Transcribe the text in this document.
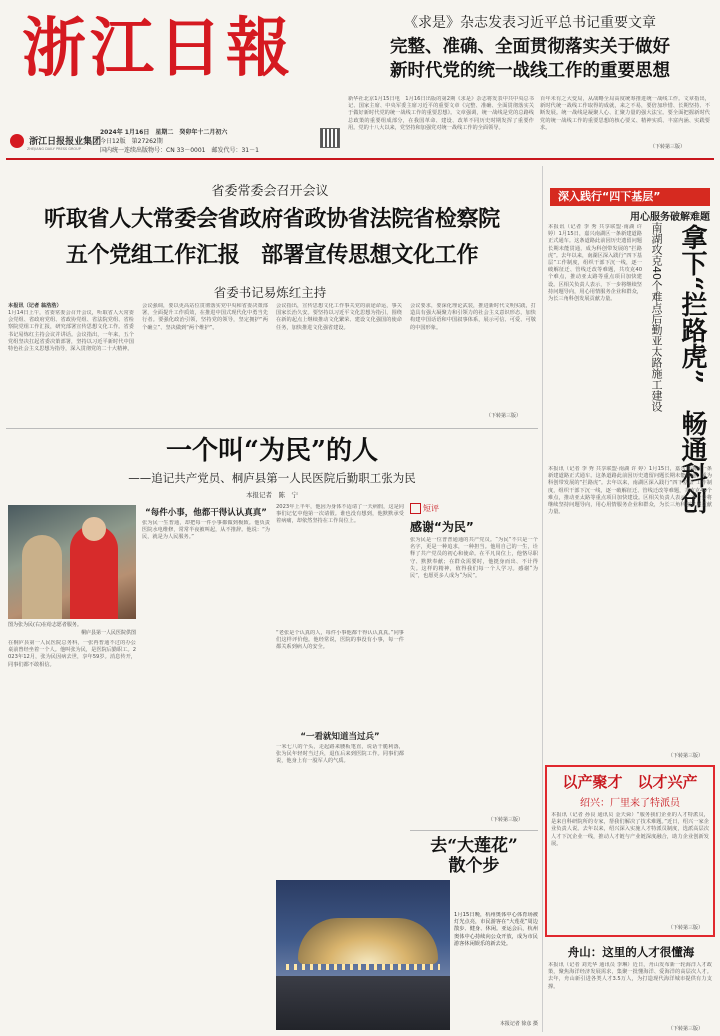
浙江日報
浙江日报报业集团
ZHEJIANG DAILY PRESS GROUP
2024年 1月16日　星期二　癸卯年十二月初六
今日12版　第27262期
国内统一连续出版物号：CN 33－0001　邮发代号：31－1
《求是》杂志发表习近平总书记重要文章
完整、准确、全面贯彻落实关于做好
新时代党的统一战线工作的重要思想
新华社北京1月15日电　1月16日出版的第2期《求是》杂志将发表中共中央总书记、国家主席、中央军委主席习近平的重要文章《完整、准确、全面贯彻落实关于做好新时代党的统一战线工作的重要思想》。文章强调，统一战线是党的总路线总政策的重要组成部分，在我国革命、建设、改革不同历史时期发挥了重要作用。党的十八大以来，党坚持和加强党对统一战线工作的全面领导。
百年未有之大变局，从战略全局高度统筹推进统一战线工作。文章指出，新时代统一战线工作取得的成就，来之不易，要倍加珍惜、长期坚持、不断发展。统一战线是凝聚人心、汇聚力量的强大法宝。要全面把握新时代党的统一战线工作的重要思想的核心要义、精神实质、丰富内涵、实践要求。
（下转第三版）
省委常委会召开会议
听取省人大常委会省政府省政协省法院省检察院
五个党组工作汇报　部署宣传思想文化工作
省委书记易炼红主持
本报讯（记者 翁浩浩）
1月14日上午，省委常委会召开会议，听取省人大常委会党组、省政府党组、省政协党组、省法院党组、省检察院党组工作汇报，研究部署宣传思想文化工作。省委书记易炼红主持会议并讲话。会议指出，一年来，五个党组坚决扛起省委决策部署，坚持以习近平新时代中国特色社会主义思想为指导，深入贯彻党的二十大精神。
会议强调，要以更高站位贯彻落实党中央和省委决策部署，全面提升工作质效，在推进中国式现代化中勇当先行者。要强化政治引领，坚持党的领导，坚定拥护“两个确立”、坚决做到“两个维护”。
会议指出，宣传思想文化工作事关党的前途命运，事关国家长治久安。要坚持以习近平文化思想为指引，围绕在新的起点上继续推动文化繁荣、建设文化强国的使命任务，加快推进文化强省建设。
会议要求，要深化理论武装，推进新时代文明实践，打造具有强大凝聚力和引领力的社会主义意识形态，加快构建中国话语和中国叙事体系，展示可信、可爱、可敬的中国形象。
（下转第三版）
一个叫“为民”的人
——追记共产党员、桐庐县第一人民医院后勤职工张为民
本报记者　陈　宁
图为张为民(右)在给志愿者服务。
桐庐县第一人民医院供图
在桐庐县第一人民医院总务科，一张再普通不过的办公桌前曾经坐着一个人。他叫张为民，是医院后勤职工。2023年12月，张为民因病去世，享年59岁。消息传开，同事们都不敢相信。
“每件小事，他都干得认认真真”
张为民一生普通，却把每一件小事都做到极致。他负责医院水电维修，常常半夜被叫起，从不推辞。他说：“为民，就是为人民服务。”
2023年上半年，他因为身体不适请了一天病假，这是同事们记忆中他第一次请假。谁也没有想到，他默默承受着病痛，却依然坚持在工作岗位上。
“老张是个认真的人，每件小事他都干得认认真真。”同事们这样评价他。他经常说，医院的事没有小事，每一件都关系到病人的安全。
“一看就知道当过兵”
一米七八的个头，走起路来腰板笔直，说话干脆利落，张为民年轻时当过兵，退伍后来到医院工作。同事们都说，他身上有一股军人的气质。
短评
感谢“为民”
张为民是一位普普通通的共产党员。“为民”不只是一个名字，更是一种追求，一种担当。他用自己的一生，诠释了共产党员的初心和使命。在平凡岗位上，他恪尽职守、默默奉献；在群众需要时，他挺身而出、不计得失。这样的精神，值得我们每一个人学习。感谢“为民”，也愿更多人成为“为民”。
（下转第三版）
去“大莲花”
散个步
1月15日晚，杭州奥体中心体育场被灯光点亮，市民游客在“大莲花”周边散步、健身、休闲。亚运会后，杭州奥体中心持续向公众开放，成为市民游客休闲娱乐的新去处。
本报记者 徐彦 摄
深入践行“四下基层”
用心服务破解难题
拿下“拦路虎”　畅通科创
南湖攻克40个难点后勤亚太路施工建设
本报讯（记者 李 秀 共享联盟·南湖 许 婷）1月15日，嘉兴南湖区一条新建道路正式通车。这条道路此前因历史遗留问题长期未能贯通，成为科创带发展的“拦路虎”。去年以来，南湖区深入践行“四下基层”工作制度，组织干部下沉一线，逐一破解征迁、管线迁改等难题，共攻克40个难点，推动亚太路等重点项目加快建设。区相关负责人表示，下一步将继续坚持问题导向，用心用情服务企业和群众，为长三角科创发展贡献力量。
本报讯（记者 李 秀 共享联盟·南湖 许 婷）1月15日，嘉兴南湖区一条新建道路正式通车。这条道路此前因历史遗留问题长期未能贯通，成为科创带发展的“拦路虎”。去年以来，南湖区深入践行“四下基层”工作制度，组织干部下沉一线，逐一破解征迁、管线迁改等难题，共攻克40个难点，推动亚太路等重点项目加快建设。区相关负责人表示，下一步将继续坚持问题导向，用心用情服务企业和群众，为长三角科创发展贡献力量。
（下转第三版）
以产聚才　以才兴产
绍兴：厂里来了特派员
本报讯（记者 孙良 通讯员 金天舜）“服务我们企业的人才特派员，是来自科研院所的专家，帮我们解决了技术难题。”近日，绍兴一家企业负责人说。去年以来，绍兴深入实施人才特派员制度，选派高层次人才下沉企业一线，推动人才链与产业链深度融合，助力企业创新发展。
（下转第三版）
舟山：这里的人才很懂海
本报讯（记者 刘光华 通讯员 李琳）近日，舟山发布新一轮海洋人才政策，聚焦海洋经济发展需求，集聚一批懂海洋、爱海洋的高层次人才。去年，舟山新引进各类人才3.5万人，为打造现代海洋城市提供有力支撑。
（下转第三版）
